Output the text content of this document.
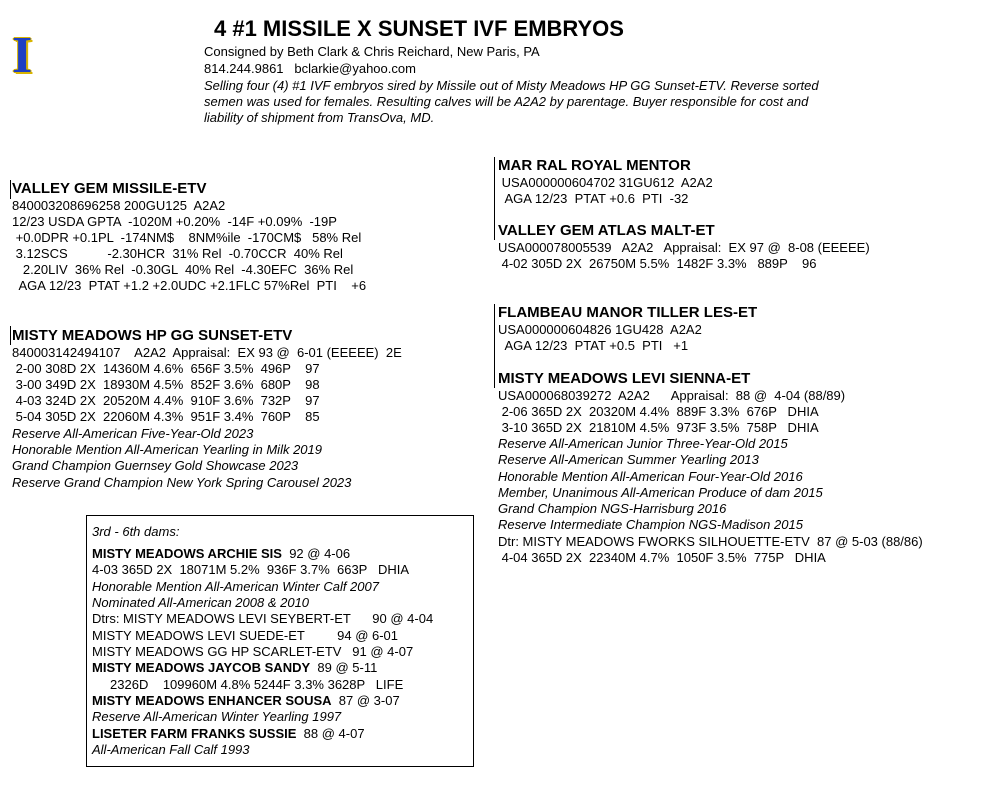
I	4 #1 MISSILE X SUNSET IVF EMBRYOS
Consigned by Beth Clark & Chris Reichard, New Paris, PA
814.244.9861   bclarkie@yahoo.com
Selling four (4) #1 IVF embryos sired by Missile out of Misty Meadows HP GG Sunset-ETV. Reverse sorted semen was used for females. Resulting calves will be A2A2 by parentage. Buyer responsible for cost and liability of shipment from TransOva, MD.
VALLEY GEM MISSILE-ETV
840003208696258 200GU125  A2A2
12/23 USDA GPTA  -1020M +0.20%  -14F +0.09%  -19P
+0.0DPR +0.1PL  -174NM$    8NM%ile  -170CM$   58% Rel
3.12SCS           -2.30HCR  31% Rel  -0.70CCR  40% Rel
2.20LIV  36% Rel  -0.30GL  40% Rel  -4.30EFC  36% Rel
AGA 12/23  PTAT +1.2 +2.0UDC +2.1FLC 57%Rel  PTI    +6
MISTY MEADOWS HP GG SUNSET-ETV
840003142494107    A2A2  Appraisal:  EX 93 @  6-01 (EEEEE)  2E
2-00 308D 2X  14360M 4.6%  656F 3.5%  496P    97
3-00 349D 2X  18930M 4.5%  852F 3.6%  680P    98
4-03 324D 2X  20520M 4.4%  910F 3.6%  732P    97
5-04 305D 2X  22060M 4.3%  951F 3.4%  760P    85
Reserve All-American Five-Year-Old 2023
Honorable Mention All-American Yearling in Milk 2019
Grand Champion Guernsey Gold Showcase 2023
Reserve Grand Champion New York Spring Carousel 2023
MAR RAL ROYAL MENTOR
USA000000604702 31GU612  A2A2
AGA 12/23  PTAT +0.6  PTI  -32
VALLEY GEM ATLAS MALT-ET
USA000078005539   A2A2   Appraisal:  EX 97 @  8-08 (EEEEE)
4-02 305D 2X  26750M 5.5%  1482F 3.3%   889P    96
FLAMBEAU MANOR TILLER LES-ET
USA000000604826 1GU428  A2A2
AGA 12/23  PTAT +0.5  PTI   +1
MISTY MEADOWS LEVI SIENNA-ET
USA000068039272  A2A2      Appraisal:  88 @  4-04 (88/89)
2-06 365D 2X  20320M 4.4%  889F 3.3%  676P   DHIA
3-10 365D 2X  21810M 4.5%  973F 3.5%  758P   DHIA
Reserve All-American Junior Three-Year-Old 2015
Reserve All-American Summer Yearling 2013
Honorable Mention All-American Four-Year-Old 2016
Member, Unanimous All-American Produce of dam 2015
Grand Champion NGS-Harrisburg 2016
Reserve Intermediate Champion NGS-Madison 2015
Dtr: MISTY MEADOWS FWORKS SILHOUETTE-ETV  87 @ 5-03 (88/86)
4-04 365D 2X  22340M 4.7%  1050F 3.5%  775P   DHIA
3rd - 6th dams:
MISTY MEADOWS ARCHIE SIS  92 @ 4-06
4-03 365D 2X  18071M 5.2%  936F 3.7%  663P   DHIA
Honorable Mention All-American Winter Calf 2007
Nominated All-American 2008 & 2010
Dtrs: MISTY MEADOWS LEVI SEYBERT-ET      90 @ 4-04
MISTY MEADOWS LEVI SUEDE-ET         94 @ 6-01
MISTY MEADOWS GG HP SCARLET-ETV   91 @ 4-07
MISTY MEADOWS JAYCOB SANDY  89 @ 5-11
2326D    109960M 4.8% 5244F 3.3% 3628P   LIFE
MISTY MEADOWS ENHANCER SOUSA  87 @ 3-07
Reserve All-American Winter Yearling 1997
LISETER FARM FRANKS SUSSIE  88 @ 4-07
All-American Fall Calf 1993
